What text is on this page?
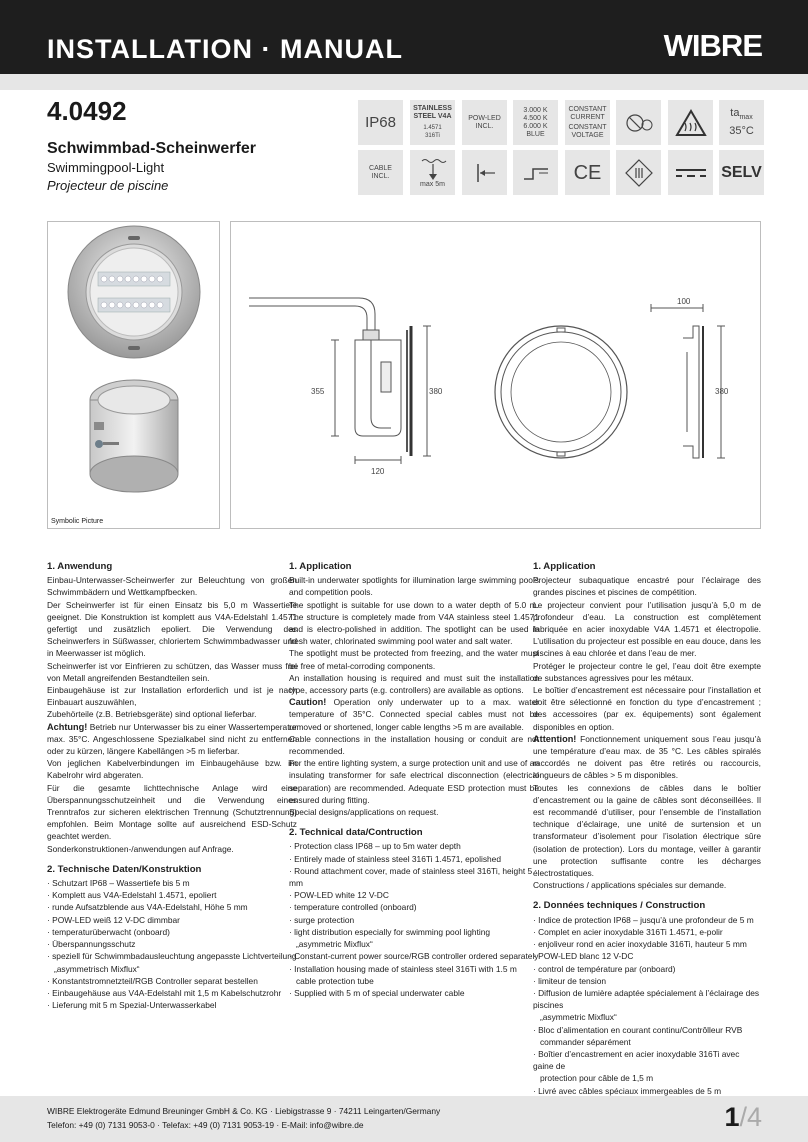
INSTALLATION · MANUAL	WIBRE
4.0492
Schwimmbad-Scheinwerfer
Swimmingpool-Light
Projecteur de piscine
IP68
STAINLESS
STEEL V4A
1.4571
316Ti
POW-LED
INCL.
3.000 K
4.500 K
6.000 K
BLUE
CONSTANT
CURRENT
CONSTANT
VOLTAGE
$ta_{max}$
35°C
CABLE
INCL.
max 5m
CE	SELV
Symbolic Picture
355	380
120
100
380
1. Anwendung

Einbau-Unterwasser-Scheinwerfer zur Beleuchtung von großen Schwimmbädern und Wettkampfbecken.

Der Scheinwerfer ist für einen Einsatz bis 5,0 m Wassertiefe geeignet. Die Konstruktion ist komplett aus V4A-Edelstahl 1.4571 gefertigt und zusätzlich epoliert. Die Verwendung des Scheinwerfers in Süßwasser, chloriertem Schwimmbadwasser und in Meerwasser ist möglich.

Scheinwerfer ist vor Einfrieren zu schützen, das Wasser muss frei von Metall angreifenden Bestandteilen sein.

Einbaugehäuse ist zur Installation erforderlich und ist je nach Einbauart auszuwählen,

Zubehörteile (z.B. Betriebsgeräte) sind optional lieferbar.

Achtung! Betrieb nur Unterwasser bis zu einer Wassertemperatur max. 35°C. Angeschlossene Spezialkabel sind nicht zu entfernen oder zu kürzen, längere Kabellängen >5 m lieferbar.

Von jeglichen Kabelverbindungen im Einbaugehäuse bzw. im Kabelrohr wird abgeraten.

Für die gesamte lichttechnische Anlage wird eine Überspannungsschutzeinheit und die Verwendung eines Trenntrafos zur sicheren elektrischen Trennung (Schutztrennung) empfohlen. Beim Montage sollte auf ausreichend ESD-Schutz geachtet werden.

Sonderkonstruktionen-/anwendungen auf Anfrage.

2. Technische Daten/Konstruktion
· Schutzart IP68 – Wassertiefe bis 5 m
· Komplett aus V4A-Edelstahl 1.4571, epoliert
· runde Aufsatzblende aus V4A-Edelstahl, Höhe 5 mm
· POW-LED weiß 12 V-DC dimmbar
· temperaturüberwacht (onboard)
· Überspannungsschutz
· speziell für Schwimmbadausleuchtung angepasste Lichtverteilung
„asymmetrisch Mixflux“
· Konstantstromnetzteil/RGB Controller separat bestellen
· Einbaugehäuse aus V4A-Edelstahl mit 1,5 m Kabelschutzrohr
· Lieferung mit 5 m Spezial-Unterwasserkabel
1. Application

Built-in underwater spotlights for illumination large swimming pools and competition pools.

The spotlight is suitable for use down to a water depth of 5.0 m. The structure is completely made from V4A stainless steel 1.4571 and is electro-polished in addition. The spotlight can be used in fresh water, chlorinated swimming pool water and salt water.

The spotlight must be protected from freezing, and the water must be free of metal-corroding components.

An installation housing is required and must suit the installation type, accessory parts (e.g. controllers) are available as options.

Caution! Operation only underwater up to a max. water temperature of 35°C. Connected special cables must not be removed or shortened, longer cable lengths >5 m are available.

Cable connections in the installation housing or conduit are not recommended.

For the entire lighting system, a surge protection unit and use of an insulating transformer for safe electrical disconnection (electrical separation) are recommended. Adequate ESD protection must be ensured during fitting.

Special designs/applications on request.

2. Technical data/Contruction
· Protection class IP68 – up to 5m water depth
· Entirely made of stainless steel 316Ti 1.4571, epolished
· Round attachment cover, made of stainless steel 316Ti, height 5 mm
· POW-LED white 12 V-DC
· temperature controlled (onboard)
· surge protection
· light distribution especially for swimming pool lighting
„asymmetric Mixflux“
· Constant-current power source/RGB controller ordered separately
· Installation housing made of stainless steel 316Ti with 1.5 m
cable protection tube
· Supplied with 5 m of special underwater cable
1. Application

Projecteur subaquatique encastré pour l’éclairage des grandes piscines et piscines de compétition.

Le projecteur convient pour l’utilisation jusqu’à 5,0 m de profondeur d’eau. La construction est complètement fabriquée en acier inoxydable V4A 1.4571 et électropolie. L’utilisation du projecteur est possible en eau douce, dans les piscines à eau chlorée et dans l’eau de mer.

Protéger le projecteur contre le gel, l’eau doit être exempte de substances agressives pour les métaux.

Le boîtier d’encastrement est nécessaire pour l’installation et doit être sélectionné en fonction du type d’encastrement ; des accessoires (par ex. équipements) sont également disponibles en option.

Attention! Fonctionnement uniquement sous l’eau jusqu’à une température d’eau max. de 35 °C. Les câbles spiralés raccordés ne doivent pas être retirés ou raccourcis, longueurs de câbles > 5 m disponibles.

Toutes les connexions de câbles dans le boîtier d’encastrement ou la gaine de câbles sont déconseillées. Il est recommandé d’utiliser, pour l’ensemble de l’installation technique d’éclairage, une unité de surtension et un transformateur d’isolement pour l’isolation électrique sûre (isolation de protection). Lors du montage, veiller à garantir une protection suffisante contre les décharges électrostatiques.

Constructions / applications spéciales sur demande.

2. Données techniques / Construction
· Indice de protection IP68 – jusqu’à une profondeur de 5 m
· Complet en acier inoxydable 316Ti 1.4571, e-polir
· enjoliveur rond en acier inoxydable 316Ti, hauteur 5 mm
· POW-LED blanc 12 V-DC
· control de température par (onboard)
· limiteur de tension
· Diffusion de lumière adaptée spécialement à l’éclairage des piscines
„asymmetric Mixflux“
· Bloc d’alimentation en courant continu/Contrôlleur RVB
commander séparément
· Boîtier d’encastrement en acier inoxydable 316Ti avec gaine de
protection pour câble de 1,5 m
· Livré avec câbles spéciaux immergeables de 5 m
WIBRE Elektrogeräte Edmund Breuninger GmbH & Co. KG · Liebigstrasse 9 · 74211 Leingarten/Germany
Telefon: +49 (0) 7131 9053-0 · Telefax: +49 (0) 7131 9053-19 · E-Mail: info@wibre.de	1/4
